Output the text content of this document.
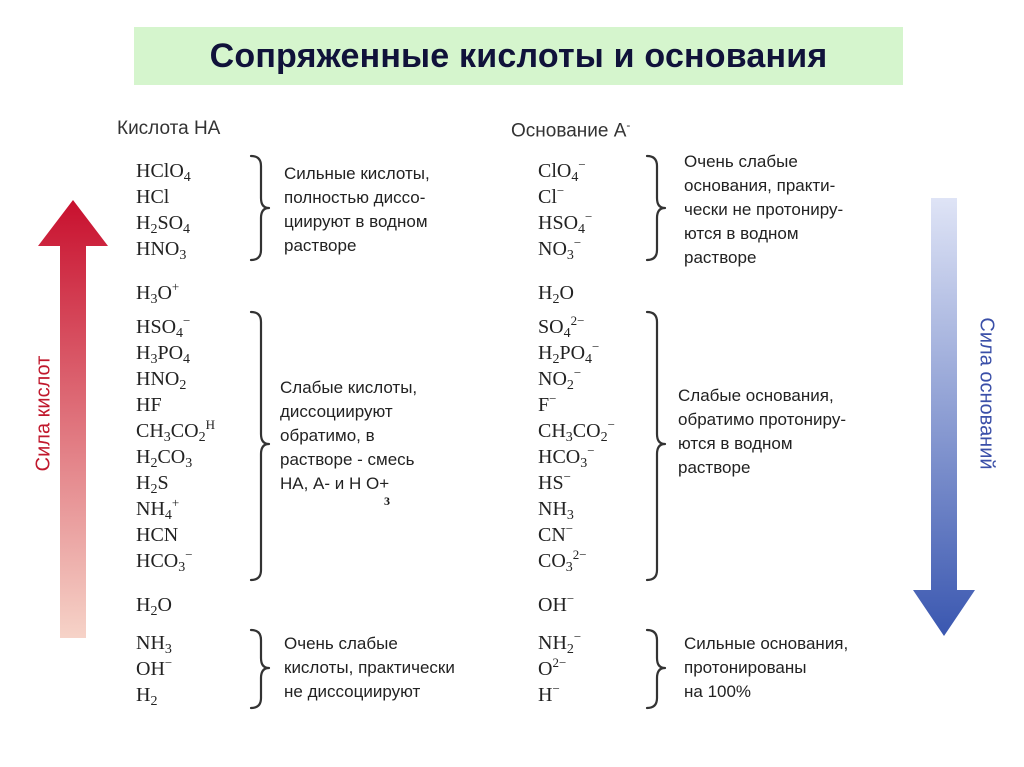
Сопряженные кислоты и основания
Кислота НА	Основание А-
Сила кислот	Сила оснований
HClO$_4$
HCl
$H_2SO_4$
$HNO_3$
$H_3O^+$
$HSO_4^-$
$H_3PO_4$
$HNO_2$
HF
$CH_3CO_2^H$
$H_2CO_3$
$H_2S$
$NH_4^+$
HCN
$HCO_3^-$
$H_2O$
$NH_3$
OH−
$H_2$
ClO$_4$−
Cl−
$HSO_4^-$
$NO_3^-$
$H_2O$
$SO_4^{2-}$
$H_2PO_4^-$
$NO_2^-$
F−
$CH_3CO_2^-$
$HCO_3^-$
HS−
$NH_3$
CN−
$CO_3^{2-}$
OH−
$NH_2^-$
$O^{2-}$
H−
Сильные кислоты,
полностью диссо-
циируют в водном
растворе
Слабые кислоты,
диссоциируют
обратимо, в
растворе - смесь
НА, А- и Н О+
3
Очень слабые
кислоты, практически
не диссоциируют
Очень слабые
основания, практи-
чески не протониру-
ются в водном
растворе
Слабые основания,
обратимо протониру-
ются в водном
растворе
Сильные основания,
протонированы
на 100%
